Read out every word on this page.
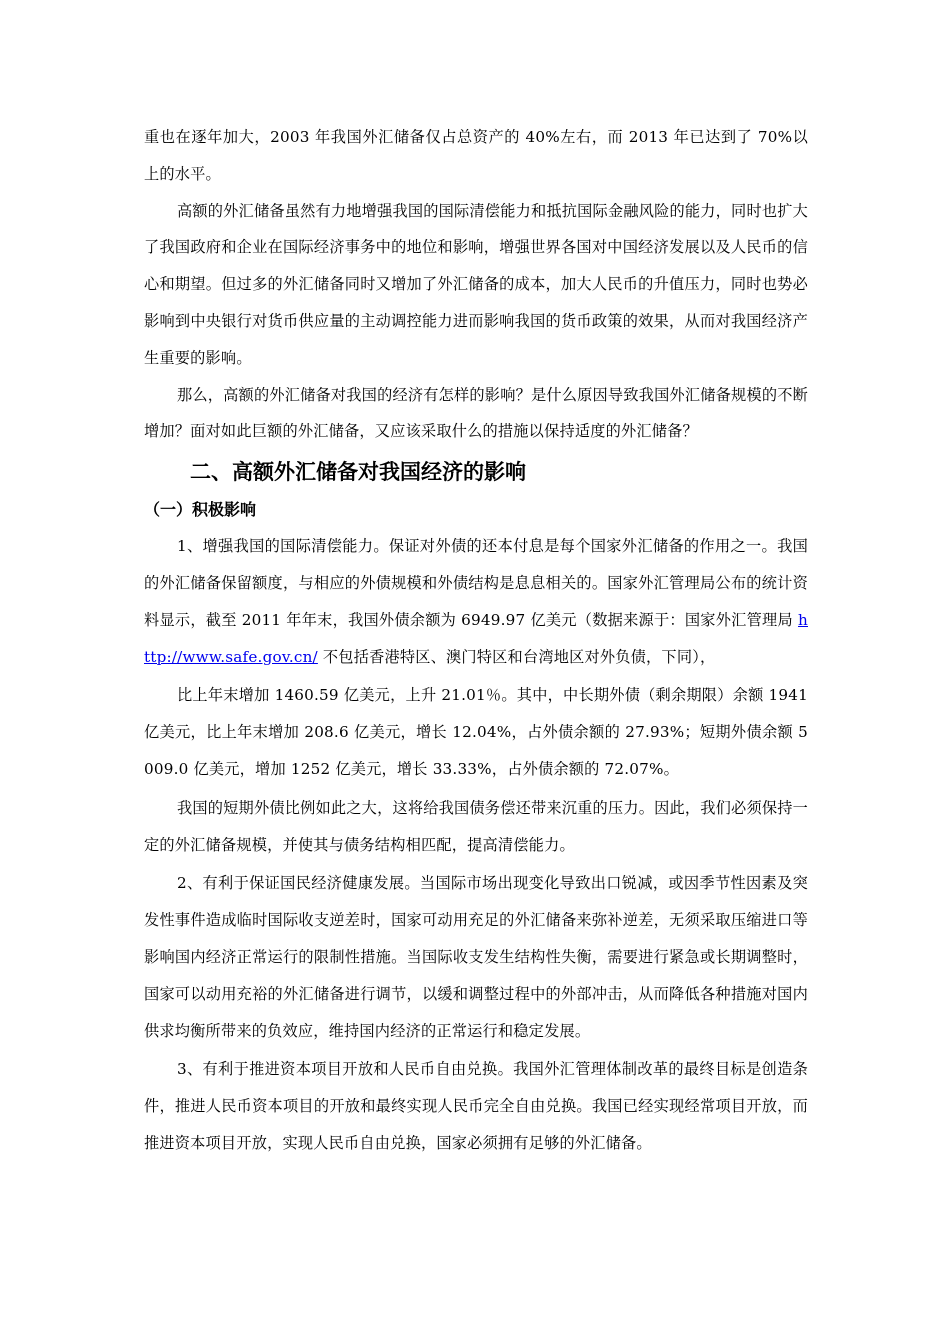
重也在逐年加大，2003 年我国外汇储备仅占总资产的 40%左右，而 2013 年已达到了 70%以上的水平。

高额的外汇储备虽然有力地增强我国的国际清偿能力和抵抗国际金融风险的能力，同时也扩大了我国政府和企业在国际经济事务中的地位和影响，增强世界各国对中国经济发展以及人民币的信心和期望。但过多的外汇储备同时又增加了外汇储备的成本，加大人民币的升值压力，同时也势必影响到中央银行对货币供应量的主动调控能力进而影响我国的货币政策的效果，从而对我国经济产生重要的影响。

那么，高额的外汇储备对我国的经济有怎样的影响？是什么原因导致我国外汇储备规模的不断增加？面对如此巨额的外汇储备，又应该采取什么的措施以保持适度的外汇储备？

二、高额外汇储备对我国经济的影响
（一）积极影响

1、增强我国的国际清偿能力。保证对外债的还本付息是每个国家外汇储备的作用之一。我国的外汇储备保留额度，与相应的外债规模和外债结构是息息相关的。国家外汇管理局公布的统计资料显示，截至 2011 年年末，我国外债余额为 6949.97 亿美元（数据来源于：国家外汇管理局 http://www.safe.gov.cn/ 不包括香港特区、澳门特区和台湾地区对外负债，下同），

比上年末增加 1460.59 亿美元，上升 21.01％。其中，中长期外债（剩余期限）余额 1941 亿美元，比上年末增加 208.6 亿美元，增长 12.04%，占外债余额的 27.93%；短期外债余额 5009.0 亿美元，增加 1252 亿美元，增长 33.33%，占外债余额的 72.07%。

我国的短期外债比例如此之大，这将给我国债务偿还带来沉重的压力。因此，我们必须保持一定的外汇储备规模，并使其与债务结构相匹配，提高清偿能力。

2、有利于保证国民经济健康发展。当国际市场出现变化导致出口锐减，或因季节性因素及突发性事件造成临时国际收支逆差时，国家可动用充足的外汇储备来弥补逆差，无须采取压缩进口等影响国内经济正常运行的限制性措施。当国际收支发生结构性失衡，需要进行紧急或长期调整时，国家可以动用充裕的外汇储备进行调节，以缓和调整过程中的外部冲击，从而降低各种措施对国内供求均衡所带来的负效应，维持国内经济的正常运行和稳定发展。

3、有利于推进资本项目开放和人民币自由兑换。我国外汇管理体制改革的最终目标是创造条件，推进人民币资本项目的开放和最终实现人民币完全自由兑换。我国已经实现经常项目开放，而推进资本项目开放，实现人民币自由兑换，国家必须拥有足够的外汇储备。
